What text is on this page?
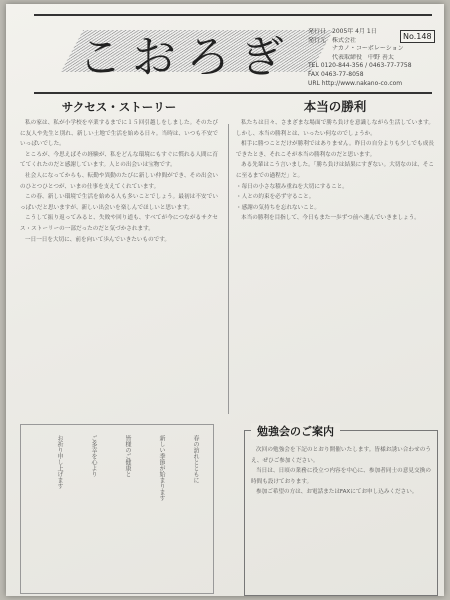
こおろぎ
発行日　2005年 4月 1日
発行元　株式会社
　　　　ナカノ・コーポレーション
　　　　代表取締役　中野 善太
TEL 0120-844-356 / 0463-77-7758
FAX 0463-77-8058
URL http://www.nakano-co.com
No.148
サクセス・ストーリー

私の家は、私が小学校を卒業するまでに１５回引越しをしました。そのたびに友人や先生と別れ、新しい土地で生活を始める日々。当時は、いつも不安でいっぱいでした。

ところが、今思えばその経験が、私をどんな環境にもすぐに慣れる人間に育ててくれたのだと感謝しています。人との出会いは宝物です。

社会人になってからも、転勤や異動のたびに新しい仲間ができ、その出会いのひとつひとつが、いまの仕事を支えてくれています。

この春、新しい環境で生活を始める人も多いことでしょう。最初は不安でいっぱいだと思いますが、新しい出会いを楽しんでほしいと思います。

こうして振り返ってみると、失敗や回り道も、すべてが今につながるサクセス・ストーリーの一部だったのだと気づかされます。

一日一日を大切に、前を向いて歩んでいきたいものです。

本当の勝利

私たちは日々、さまざまな場面で勝ち負けを意識しながら生活しています。しかし、本当の勝利とは、いったい何なのでしょうか。

相手に勝つことだけが勝利ではありません。昨日の自分よりも少しでも成長できたとき、それこそが本当の勝利なのだと思います。

ある先輩はこう言いました。「勝ち負けは結果にすぎない。大切なのは、そこに至るまでの過程だ」と。

・毎日の小さな積み重ねを大切にすること。
・人との約束を必ず守ること。
・感謝の気持ちを忘れないこと。

本当の勝利を目指して、今日もまた一歩ずつ前へ進んでいきましょう。

春の訪れとともに
新しい季節が始まります
皆様のご健康と
ご多幸を心より
お祈り申し上げます
勉強会のご案内

次回の勉強会を下記のとおり開催いたします。皆様お誘い合わせのうえ、ぜひご参加ください。

当日は、日頃の業務に役立つ内容を中心に、参加者同士の意見交換の時間も設けております。

参加ご希望の方は、お電話またはFAXにてお申し込みください。
